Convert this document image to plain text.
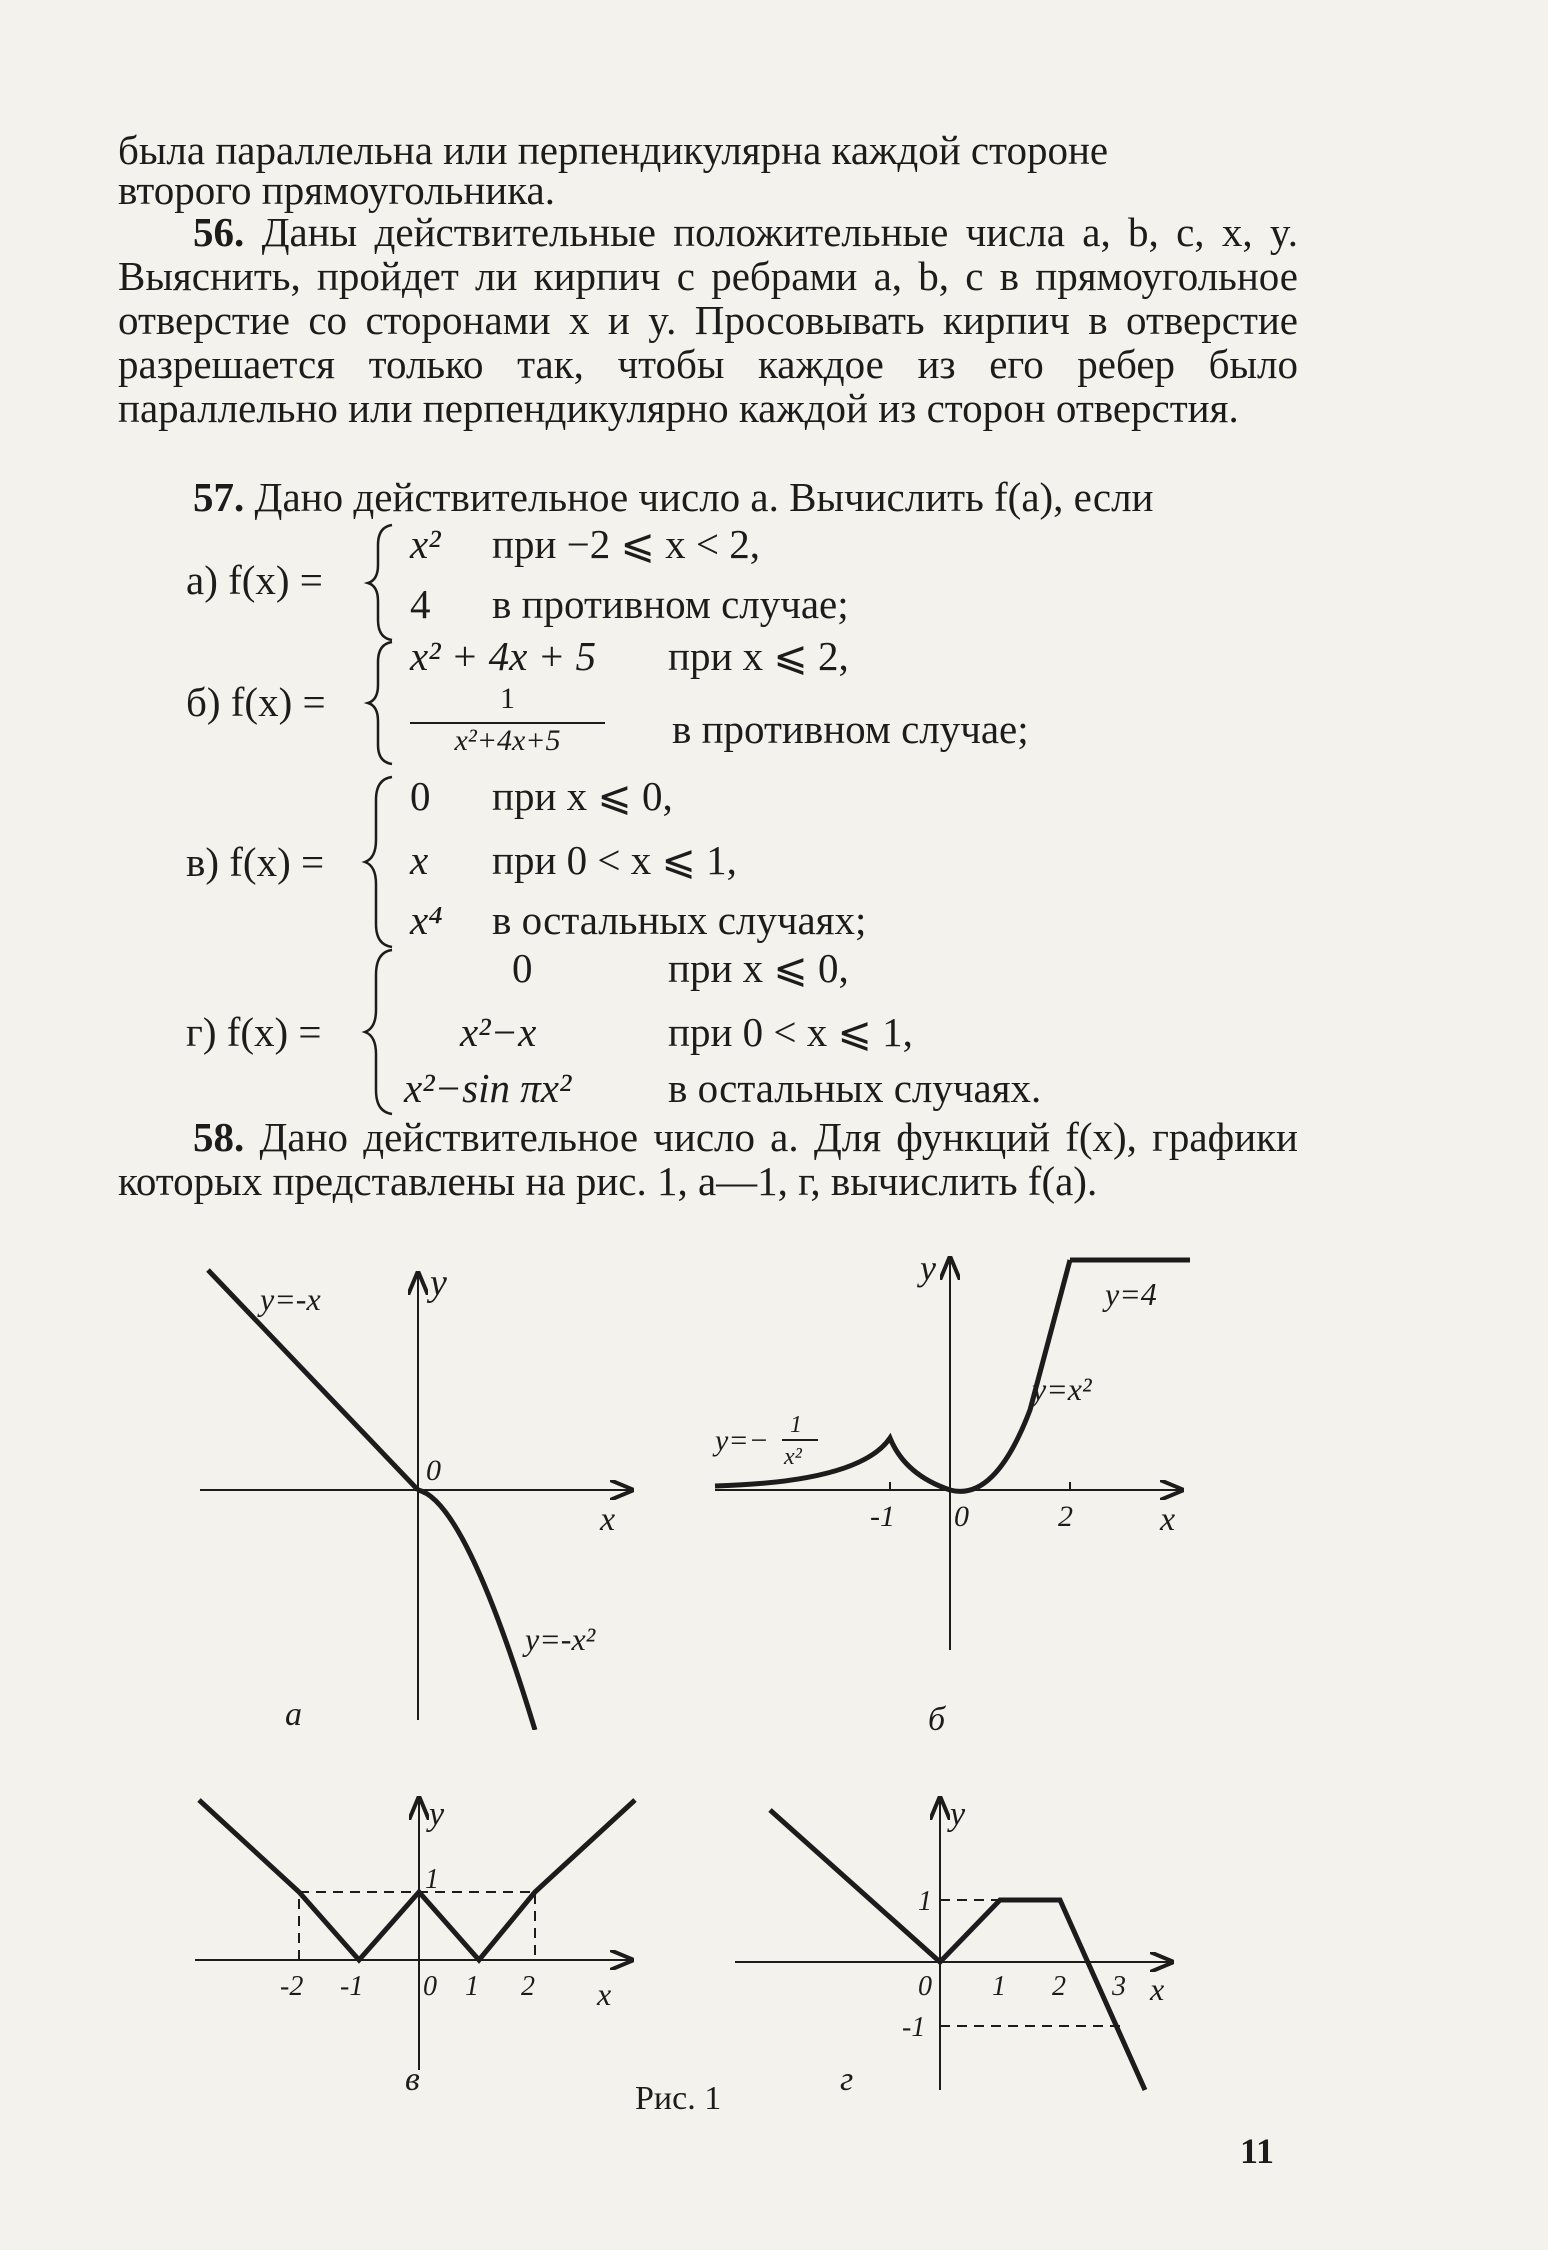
была параллельна или перпендикулярна каждой стороне

второго прямоугольника.

56. Даны действительные положительные числа a, b, c, x, y. Выяснить, пройдет ли кирпич с ребрами a, b, c в прямоугольное отверстие со сторонами x и y. Просовывать кирпич в отверстие разрешается только так, чтобы каждое из его ребер было параллельно или перпендикулярно каждой из сторон отверстия.

57. Дано действительное число a. Вычислить f(a), если

а) f(x) =
x² при −2 ⩽ x < 2,
4 в противном случае;
б) f(x) =
x² + 4x + 5 при x ⩽ 2,
1
x²+4x+5	в противном случае;
в) f(x) =
0 при x ⩽ 0,
x при 0 < x ⩽ 1,
x⁴ в остальных случаях;
г) f(x) =
0	при x ⩽ 0,
x²−x	при 0 < x ⩽ 1,
x²−sin πx² в остальных случаях.

58. Дано действительное число a. Для функций f(x), графики которых представлены на рис. 1, a—1, г, вычислить f(a).

y
x
0
y=-x
y=-x²
а
y
x
0
-1	2
y=− 1
x²
y=x²
y=4
б
y
x
1
-2 -1 0 1 2
в
y
x
1
-1
0 1 2 3
г
Рис. 1
11
